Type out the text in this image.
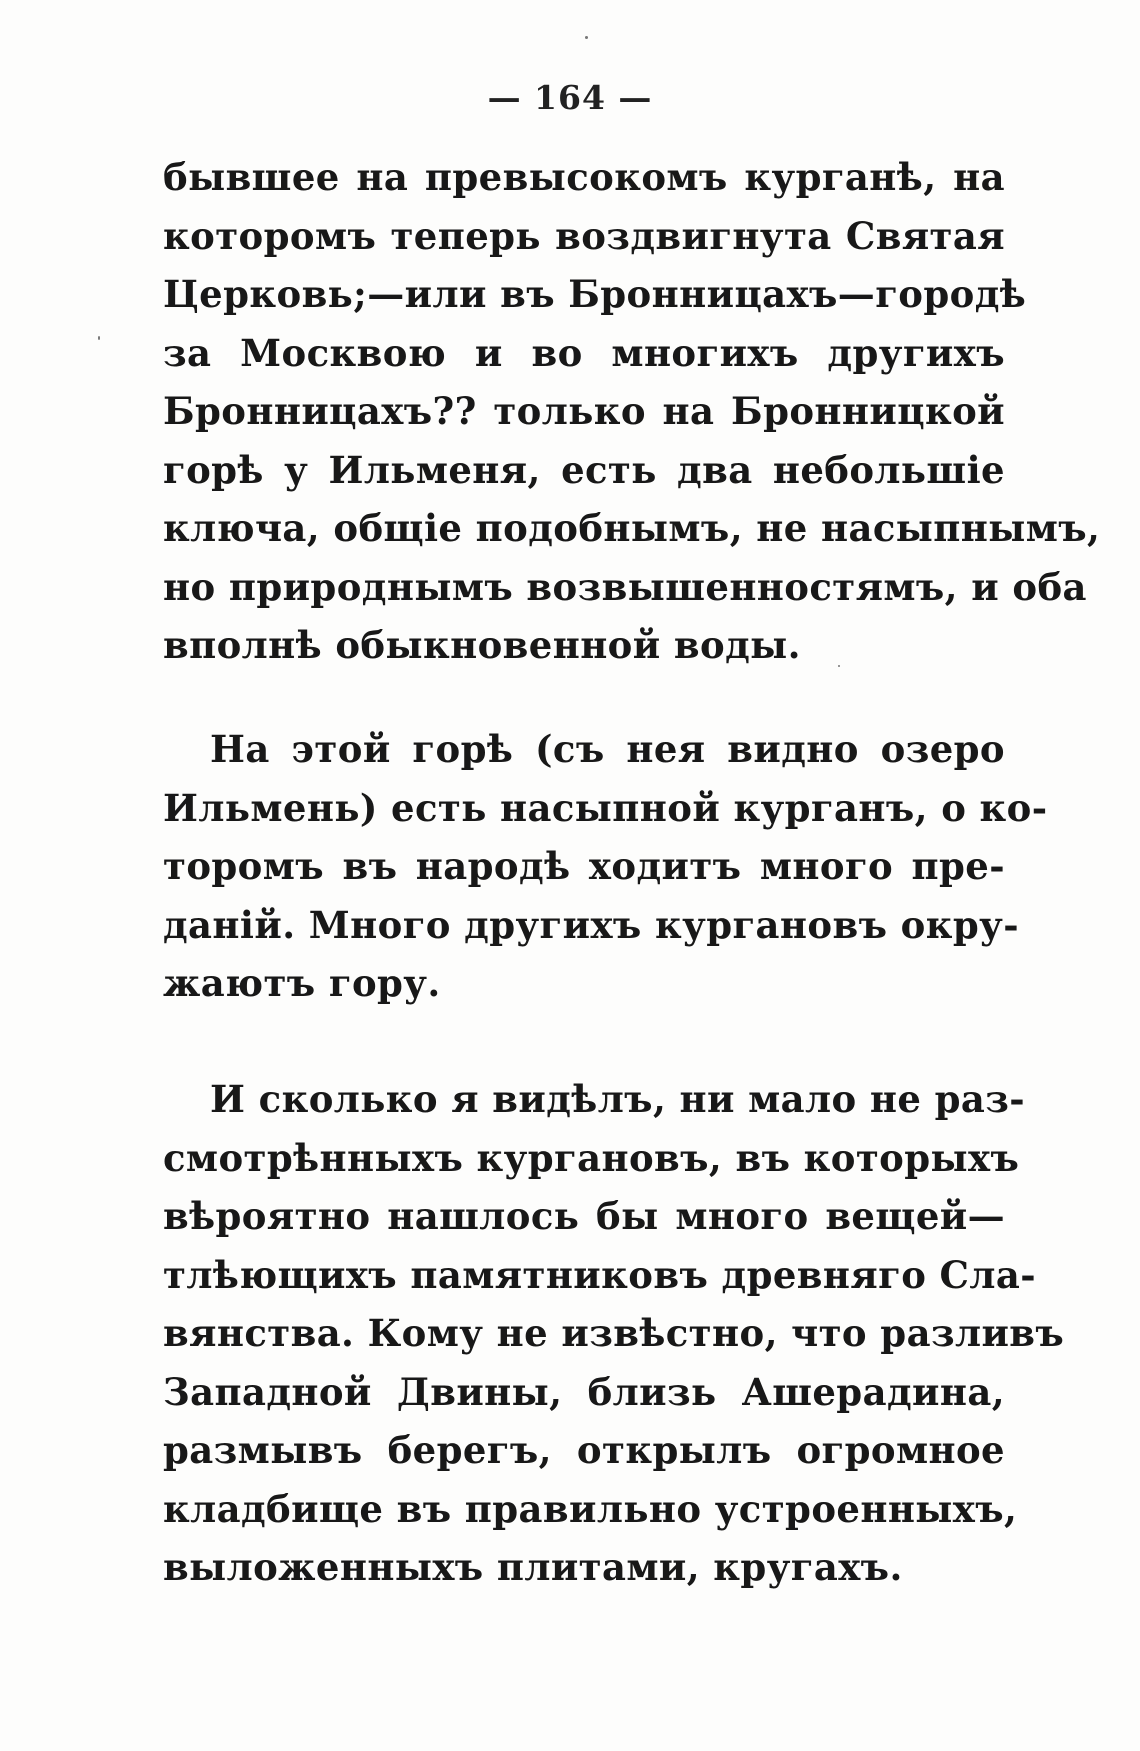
— 164 —
бывшее на превысокомъ курганѣ, на
которомъ теперь воздвигнута Святая
Церковь;—или въ Бронницахъ—городѣ
за Москвою и во многихъ другихъ
Бронницахъ?? только на Бронницкой
горѣ у Ильменя, есть два небольшіе
ключа, общіе подобнымъ, не насыпнымъ,
но природнымъ возвышенностямъ, и оба
вполнѣ обыкновенной воды.
На этой горѣ (съ нея видно озеро
Ильмень) есть насыпной курганъ, о ко-
торомъ въ народѣ ходитъ много пре-
даній. Много другихъ кургановъ окру-
жаютъ гору.
И сколько я видѣлъ, ни мало не раз-
смотрѣнныхъ кургановъ, въ которыхъ
вѣроятно нашлось бы много вещей—
тлѣющихъ памятниковъ древняго Сла-
вянства. Кому не извѣстно, что разливъ
Западной Двины, близь Ашерадина,
размывъ берегъ, открылъ огромное
кладбище въ правильно устроенныхъ,
выложенныхъ плитами, кругахъ.
